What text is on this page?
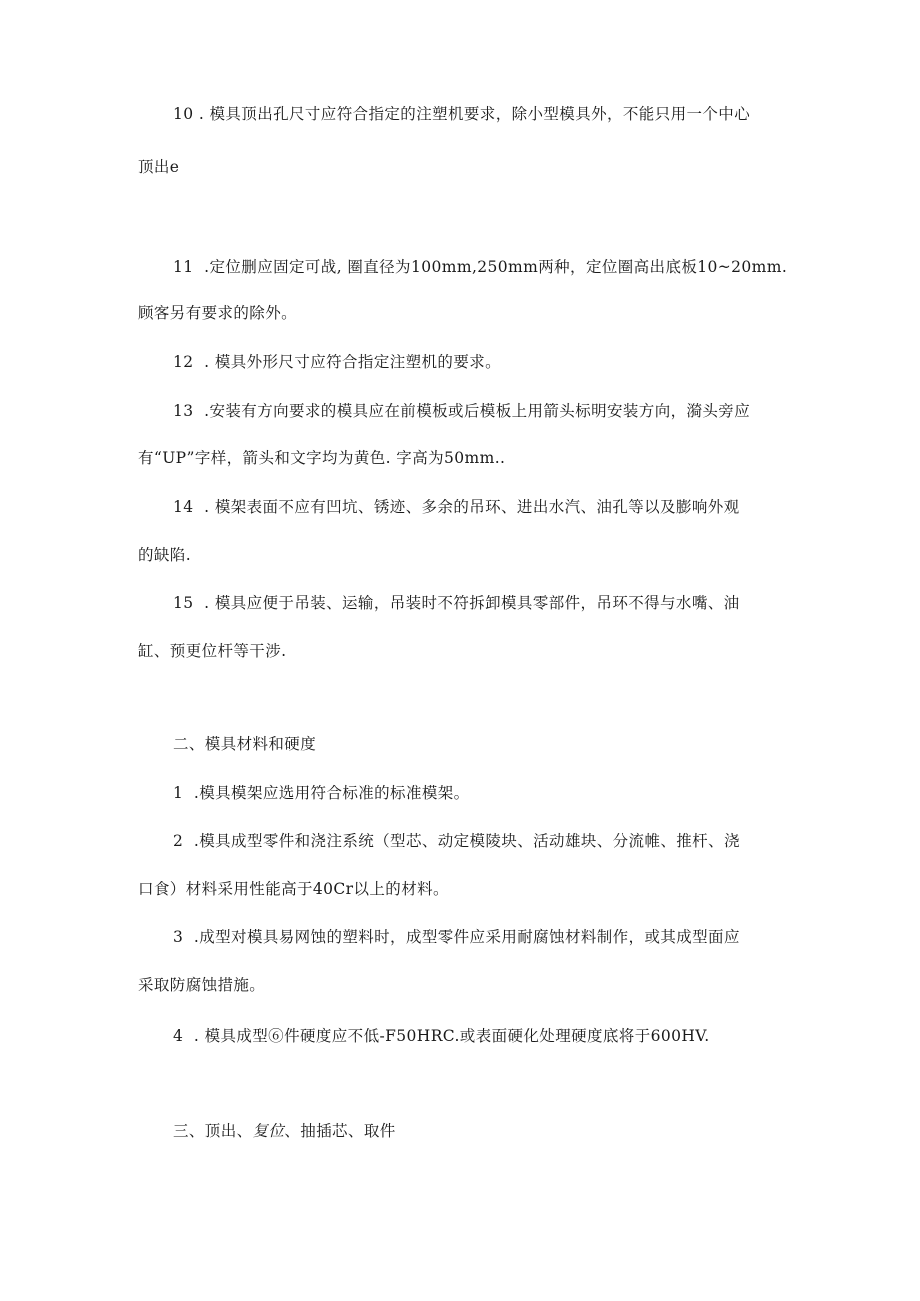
10 . 模具顶出孔尺寸应符合指定的注塑机要求，除小型模具外，不能只用一个中心
顶出e
11  .定位删应固定可战, 圈直径为100mm,250mm两种，定位圈高出底板10~20mm.
顾客另有要求的除外。
12  . 模具外形尺寸应符合指定注塑机的要求。
13  .安装有方向要求的模具应在前模板或后模板上用箭头标明安装方向，漪头旁应
有“UP”字样，箭头和文字均为黄色. 字高为50mm..
14  . 模架表面不应有凹坑、锈迹、多余的吊环、进出水汽、油孔等以及膨响外观
的缺陷.
15  . 模具应便于吊装、运输，吊装时不符拆卸模具零部件，吊环不得与水嘴、油
缸、预更位杆等干涉.
二、模具材料和硬度
1  .模具模架应选用符合标准的标准模架。
2  .模具成型零件和浇注系统（型芯、动定模陵块、活动雄块、分流帷、推杆、浇
口食）材料采用性能高于40Cr以上的材料。
3  .成型对模具易网蚀的塑料时，成型零件应采用耐腐蚀材料制作，或其成型面应
采取防腐蚀措施。
4  . 模具成型⑥件硬度应不低-F50HRC.或表面硬化处理硬度底将于600HV.
三、顶出、复位、抽插芯、取件
